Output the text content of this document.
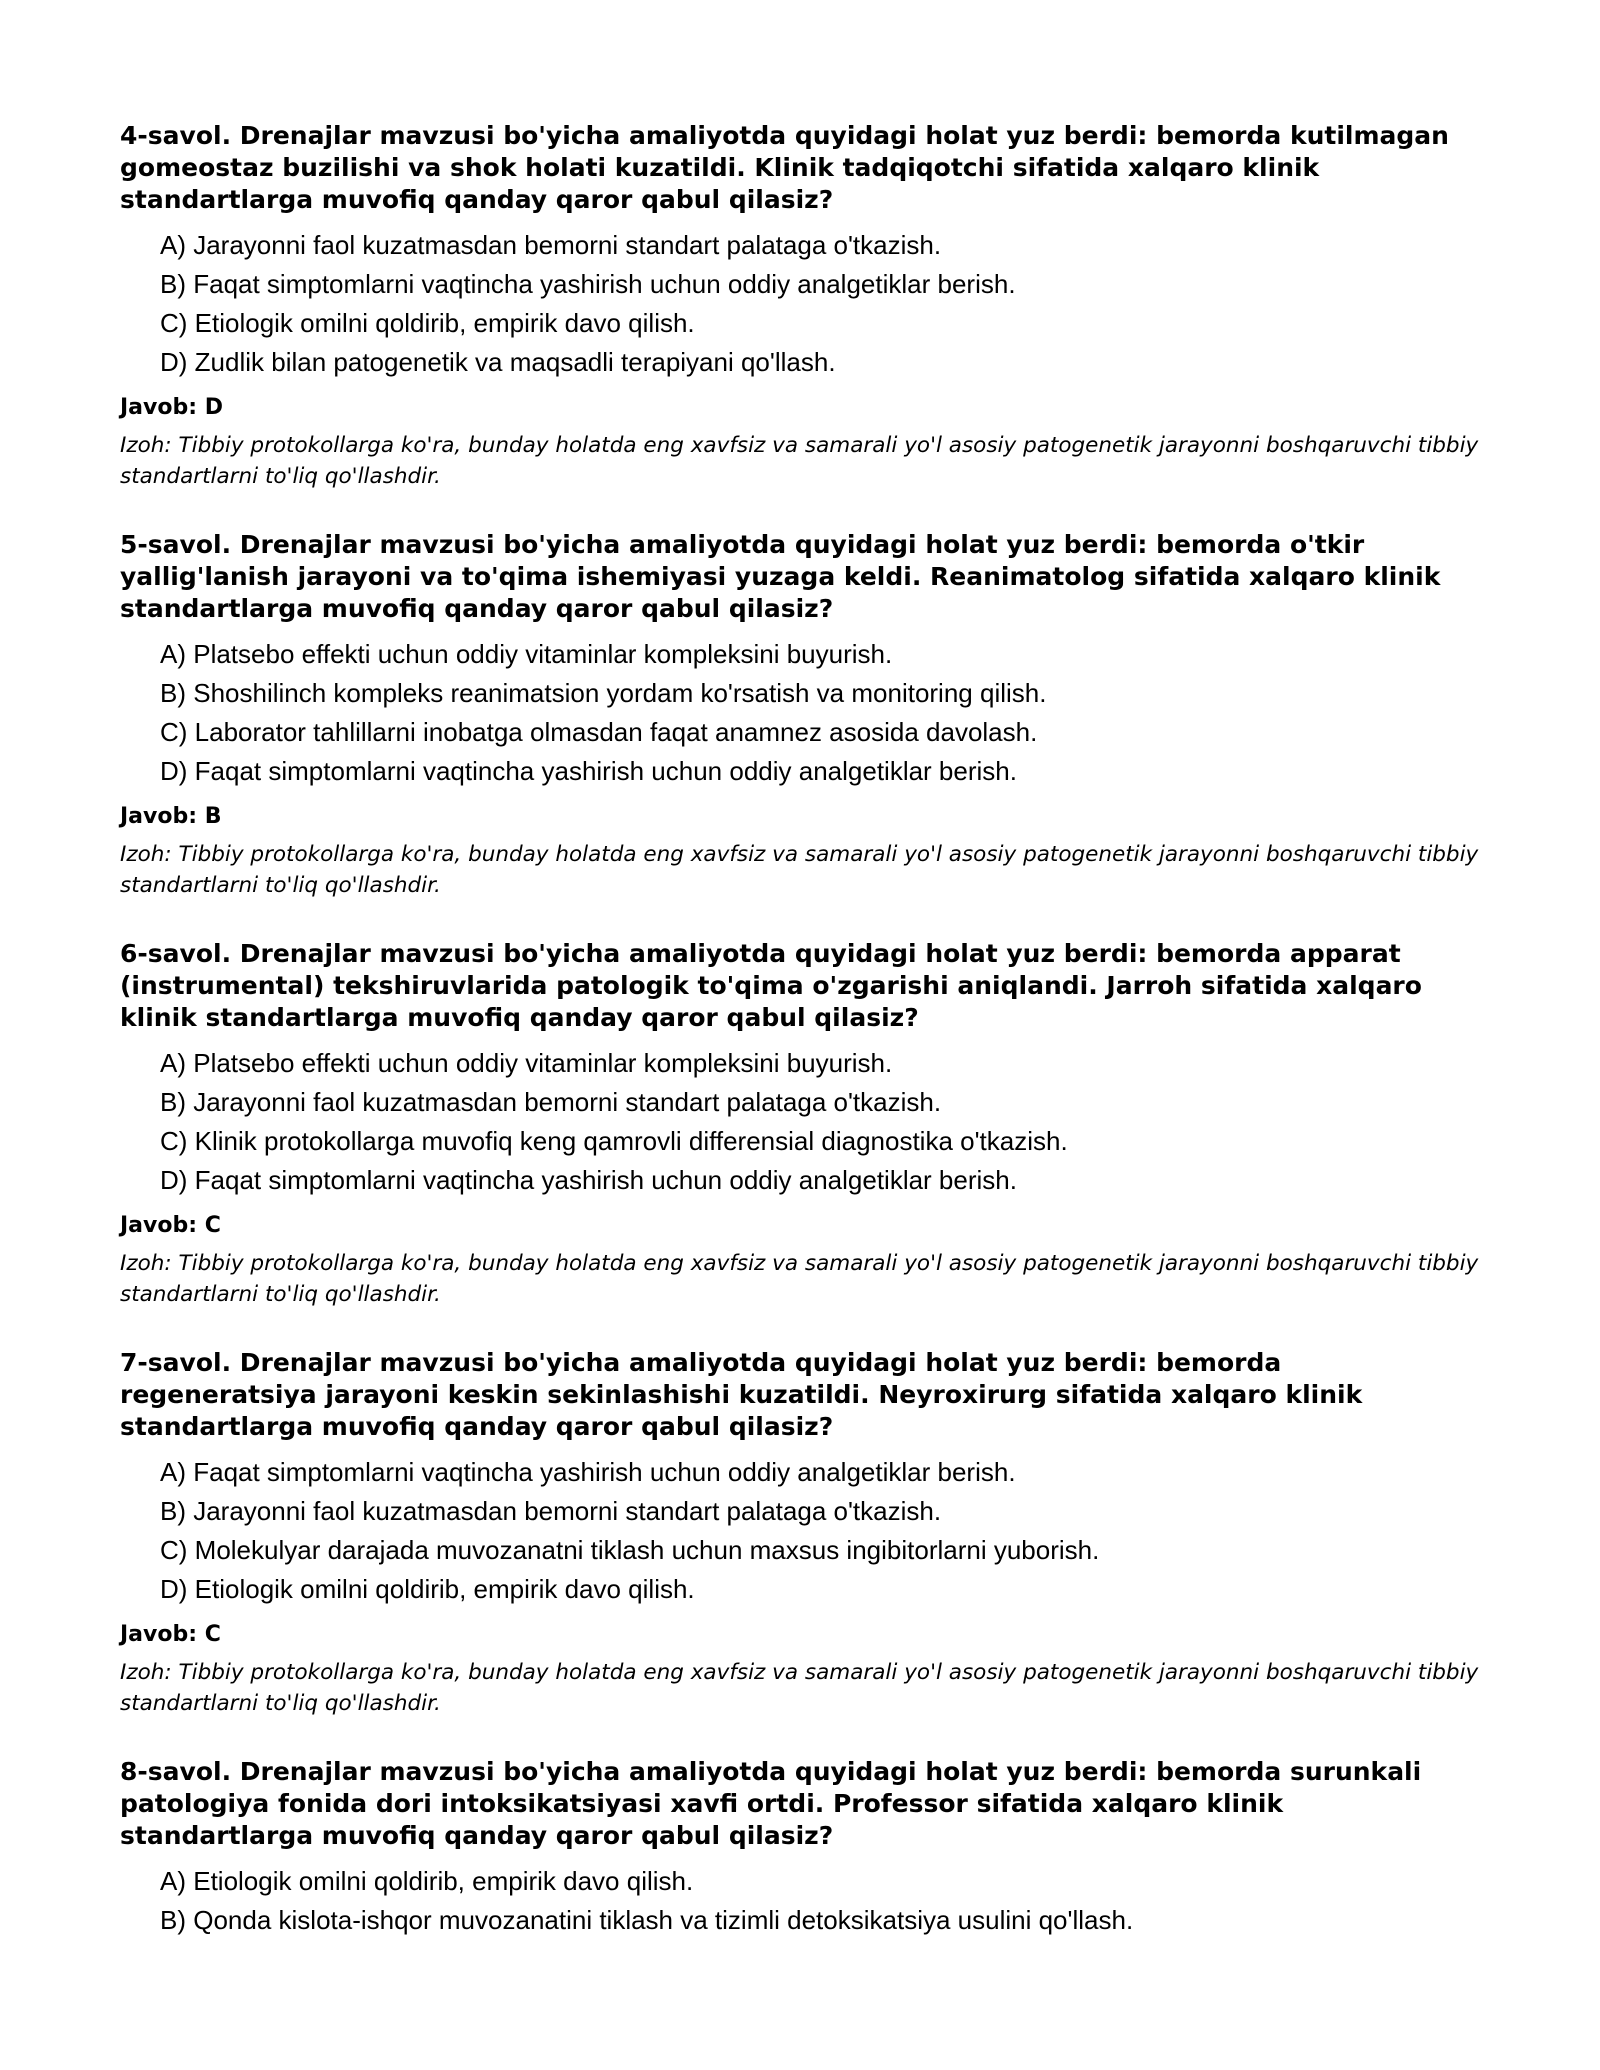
4-savol. Drenajlar mavzusi bo'yicha amaliyotda quyidagi holat yuz berdi: bemorda kutilmagan gomeostaz buzilishi va shok holati kuzatildi. Klinik tadqiqotchi sifatida xalqaro klinik standartlarga muvofiq qanday qaror qabul qilasiz?

A) Jarayonni faol kuzatmasdan bemorni standart palataga o'tkazish.
B) Faqat simptomlarni vaqtincha yashirish uchun oddiy analgetiklar berish.
C) Etiologik omilni qoldirib, empirik davo qilish.
D) Zudlik bilan patogenetik va maqsadli terapiyani qo'llash.
Javob: D
Izoh: Tibbiy protokollarga ko'ra, bunday holatda eng xavfsiz va samarali yo'l asosiy patogenetik jarayonni boshqaruvchi tibbiy standartlarni to'liq qo'llashdir.

5-savol. Drenajlar mavzusi bo'yicha amaliyotda quyidagi holat yuz berdi: bemorda o'tkir yallig'lanish jarayoni va to'qima ishemiyasi yuzaga keldi. Reanimatolog sifatida xalqaro klinik standartlarga muvofiq qanday qaror qabul qilasiz?

A) Platsebo effekti uchun oddiy vitaminlar kompleksini buyurish.
B) Shoshilinch kompleks reanimatsion yordam ko'rsatish va monitoring qilish.
C) Laborator tahlillarni inobatga olmasdan faqat anamnez asosida davolash.
D) Faqat simptomlarni vaqtincha yashirish uchun oddiy analgetiklar berish.
Javob: B
Izoh: Tibbiy protokollarga ko'ra, bunday holatda eng xavfsiz va samarali yo'l asosiy patogenetik jarayonni boshqaruvchi tibbiy standartlarni to'liq qo'llashdir.

6-savol. Drenajlar mavzusi bo'yicha amaliyotda quyidagi holat yuz berdi: bemorda apparat (instrumental) tekshiruvlarida patologik to'qima o'zgarishi aniqlandi. Jarroh sifatida xalqaro klinik standartlarga muvofiq qanday qaror qabul qilasiz?

A) Platsebo effekti uchun oddiy vitaminlar kompleksini buyurish.
B) Jarayonni faol kuzatmasdan bemorni standart palataga o'tkazish.
C) Klinik protokollarga muvofiq keng qamrovli differensial diagnostika o'tkazish.
D) Faqat simptomlarni vaqtincha yashirish uchun oddiy analgetiklar berish.
Javob: C
Izoh: Tibbiy protokollarga ko'ra, bunday holatda eng xavfsiz va samarali yo'l asosiy patogenetik jarayonni boshqaruvchi tibbiy standartlarni to'liq qo'llashdir.

7-savol. Drenajlar mavzusi bo'yicha amaliyotda quyidagi holat yuz berdi: bemorda regeneratsiya jarayoni keskin sekinlashishi kuzatildi. Neyroxirurg sifatida xalqaro klinik standartlarga muvofiq qanday qaror qabul qilasiz?

A) Faqat simptomlarni vaqtincha yashirish uchun oddiy analgetiklar berish.
B) Jarayonni faol kuzatmasdan bemorni standart palataga o'tkazish.
C) Molekulyar darajada muvozanatni tiklash uchun maxsus ingibitorlarni yuborish.
D) Etiologik omilni qoldirib, empirik davo qilish.
Javob: C
Izoh: Tibbiy protokollarga ko'ra, bunday holatda eng xavfsiz va samarali yo'l asosiy patogenetik jarayonni boshqaruvchi tibbiy standartlarni to'liq qo'llashdir.

8-savol. Drenajlar mavzusi bo'yicha amaliyotda quyidagi holat yuz berdi: bemorda surunkali patologiya fonida dori intoksikatsiyasi xavfi ortdi. Professor sifatida xalqaro klinik standartlarga muvofiq qanday qaror qabul qilasiz?

A) Etiologik omilni qoldirib, empirik davo qilish.
B) Qonda kislota-ishqor muvozanatini tiklash va tizimli detoksikatsiya usulini qo'llash.
